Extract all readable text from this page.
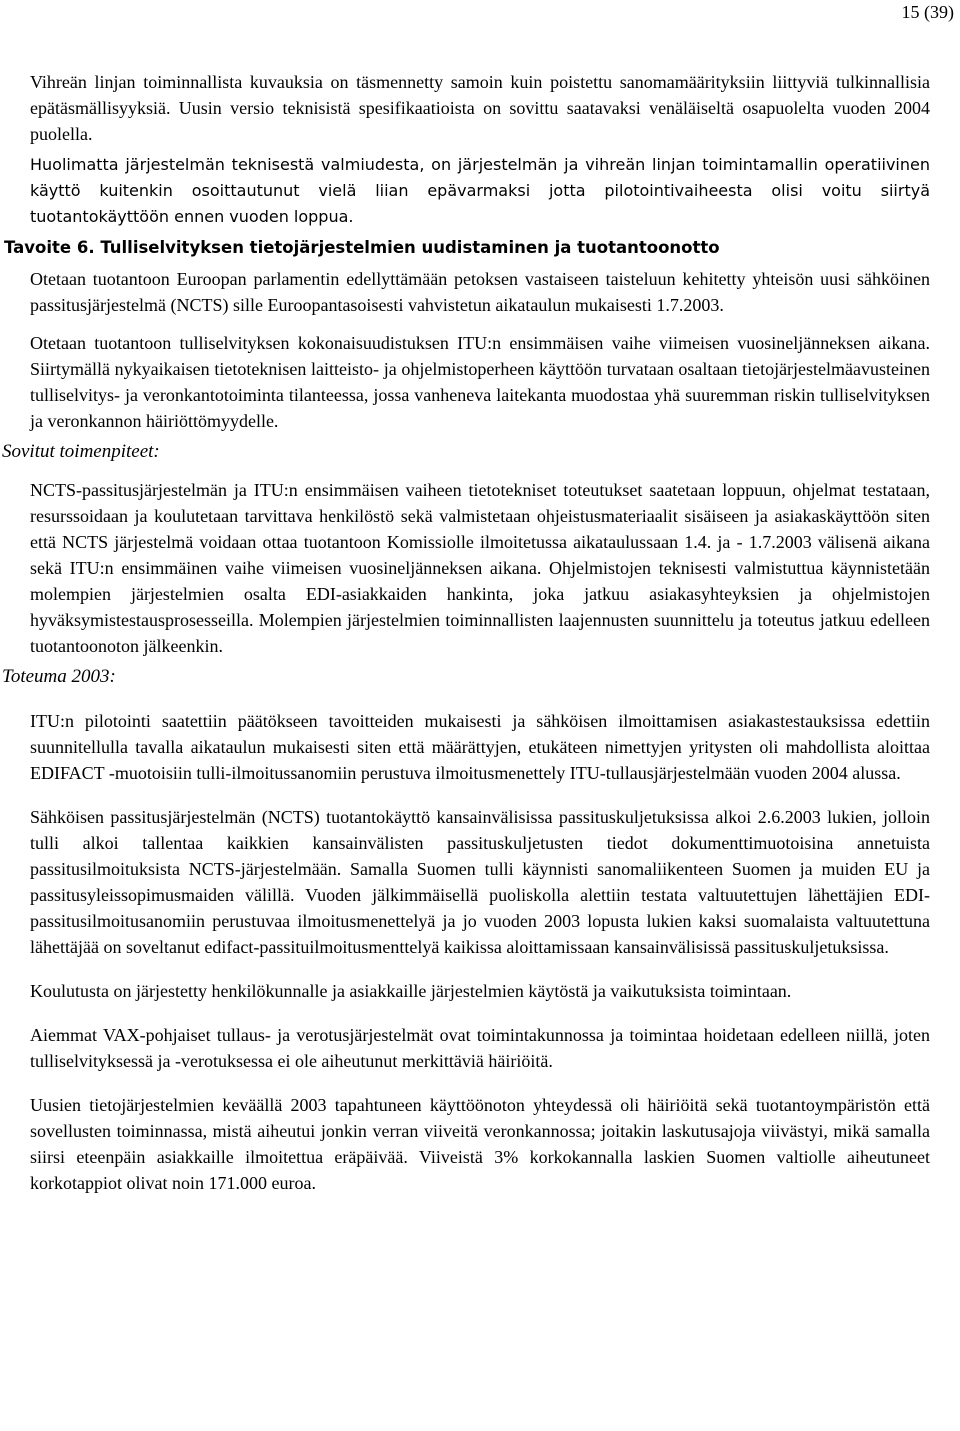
15 (39)

Vihreän linjan toiminnallista kuvauksia on täsmennetty samoin kuin poistettu sanomamäärityksiin liittyviä tulkinnallisia epätäsmällisyyksiä. Uusin versio teknisistä spesifikaatioista on sovittu saatavaksi venäläiseltä osapuolelta vuoden 2004 puolella.

Huolimatta järjestelmän teknisestä valmiudesta, on järjestelmän ja vihreän linjan toimintamallin operatiivinen käyttö kuitenkin osoittautunut vielä liian epävarmaksi jotta pilotointivaiheesta olisi voitu siirtyä tuotantokäyttöön ennen vuoden loppua.

Tavoite 6. Tulliselvityksen tietojärjestelmien uudistaminen ja tuotantoonotto

Otetaan tuotantoon Euroopan parlamentin edellyttämään petoksen vastaiseen taisteluun kehitetty yhteisön uusi sähköinen passitusjärjestelmä (NCTS) sille Euroopantasoisesti vahvistetun aikataulun mukaisesti 1.7.2003.

Otetaan tuotantoon tulliselvityksen kokonaisuudistuksen ITU:n ensimmäisen vaihe viimeisen vuosineljänneksen aikana. Siirtymällä nykyaikaisen tietoteknisen laitteisto- ja ohjelmistoperheen käyttöön turvataan osaltaan tietojärjestelmäavusteinen tulliselvitys- ja veronkantotoiminta tilanteessa, jossa vanheneva laitekanta muodostaa yhä suuremman riskin tulliselvityksen ja veronkannon häiriöttömyydelle.

Sovitut toimenpiteet:

NCTS-passitusjärjestelmän ja ITU:n ensimmäisen vaiheen tietotekniset toteutukset saatetaan loppuun, ohjelmat testataan, resurssoidaan ja koulutetaan tarvittava henkilöstö sekä valmistetaan ohjeistusmateriaalit sisäiseen ja asiakaskäyttöön siten että NCTS järjestelmä voidaan ottaa tuotantoon Komissiolle ilmoitetussa aikataulussaan 1.4. ja - 1.7.2003 välisenä aikana sekä ITU:n ensimmäinen vaihe viimeisen vuosineljänneksen aikana. Ohjelmistojen teknisesti valmistuttua käynnistetään molempien järjestelmien osalta EDI-asiakkaiden hankinta, joka jatkuu asiakasyhteyksien ja ohjelmistojen hyväksymistestausprosesseilla. Molempien järjestelmien toiminnallisten laajennusten suunnittelu ja toteutus jatkuu edelleen tuotantoonoton jälkeenkin.

Toteuma 2003:

ITU:n pilotointi saatettiin päätökseen tavoitteiden mukaisesti ja sähköisen ilmoittamisen asiakastestauksissa edettiin suunnitellulla tavalla aikataulun mukaisesti siten että määrättyjen, etukäteen nimettyjen yritysten oli mahdollista aloittaa EDIFACT -muotoisiin tulli-ilmoitussanomiin perustuva ilmoitusmenettely ITU-tullausjärjestelmään vuoden 2004 alussa.

Sähköisen passitusjärjestelmän (NCTS) tuotantokäyttö kansainvälisissa passituskuljetuksissa alkoi 2.6.2003 lukien, jolloin tulli alkoi tallentaa kaikkien kansainvälisten passituskuljetusten tiedot dokumenttimuotoisina annetuista passitusilmoituksista NCTS-järjestelmään. Samalla Suomen tulli käynnisti sanomaliikenteen Suomen ja muiden EU ja passitusyleissopimusmaiden välillä. Vuoden jälkimmäisellä puoliskolla alettiin testata valtuutettujen lähettäjien EDI-passitusilmoitusanomiin perustuvaa ilmoitusmenettelyä ja jo vuoden 2003 lopusta lukien kaksi suomalaista valtuutettuna lähettäjää on soveltanut edifact-passituilmoitusmenttelyä kaikissa aloittamissaan kansainvälisissä passituskuljetuksissa.

Koulutusta on järjestetty henkilökunnalle ja asiakkaille järjestelmien käytöstä ja vaikutuksista toimintaan.

Aiemmat VAX-pohjaiset tullaus- ja verotusjärjestelmät ovat toimintakunnossa ja toimintaa hoidetaan edelleen niillä, joten tulliselvityksessä ja -verotuksessa ei ole aiheutunut merkittäviä häiriöitä.

Uusien tietojärjestelmien keväällä 2003 tapahtuneen käyttöönoton yhteydessä oli häiriöitä sekä tuotantoympäristön että sovellusten toiminnassa, mistä aiheutui jonkin verran viiveitä veronkannossa; joitakin laskutusajoja viivästyi, mikä samalla siirsi eteenpäin asiakkaille ilmoitettua eräpäivää. Viiveistä 3% korkokannalla laskien Suomen valtiolle aiheutuneet korkotappiot olivat noin 171.000 euroa.
